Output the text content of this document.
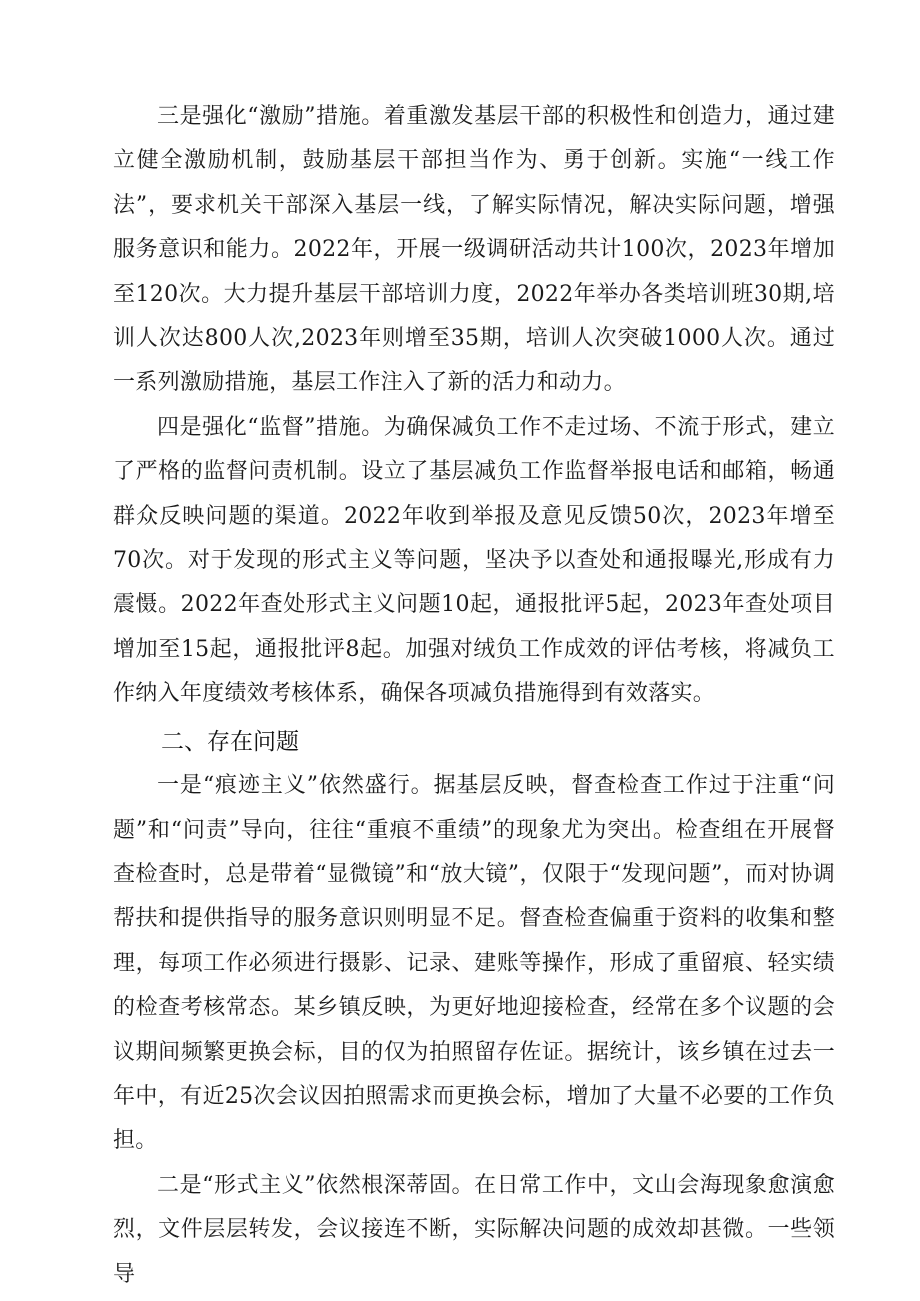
三是强化“激励”措施。着重激发基层干部的积极性和创造力，通过建立健全激励机制，鼓励基层干部担当作为、勇于创新。实施“一线工作法”，要求机关干部深入基层一线，了解实际情况，解决实际问题，增强服务意识和能力。2022年，开展一级调研活动共计100次，2023年增加至120次。大力提升基层干部培训力度，2022年举办各类培训班30期,培训人次达800人次,2023年则增至35期，培训人次突破1000人次。通过一系列激励措施，基层工作注入了新的活力和动力。

四是强化“监督”措施。为确保减负工作不走过场、不流于形式，建立了严格的监督问责机制。设立了基层减负工作监督举报电话和邮箱，畅通群众反映问题的渠道。2022年收到举报及意见反馈50次，2023年增至70次。对于发现的形式主义等问题，坚决予以查处和通报曝光,形成有力震慑。2022年查处形式主义问题10起，通报批评5起，2023年查处项目增加至15起，通报批评8起。加强对绒负工作成效的评估考核，将减负工作纳入年度绩效考核体系，确保各项减负措施得到有效落实。

二、存在问题

一是“痕迹主义”依然盛行。据基层反映，督查检查工作过于注重“问题”和“问责”导向，往往“重痕不重绩”的现象尤为突出。检查组在开展督查检查时，总是带着“显微镜”和“放大镜”，仅限于“发现问题”，而对协调帮扶和提供指导的服务意识则明显不足。督查检查偏重于资料的收集和整理，每项工作必须进行摄影、记录、建账等操作，形成了重留痕、轻实绩的检查考核常态。某乡镇反映，为更好地迎接检查，经常在多个议题的会议期间频繁更换会标，目的仅为拍照留存佐证。据统计，该乡镇在过去一年中，有近25次会议因拍照需求而更换会标，增加了大量不必要的工作负担。

二是“形式主义”依然根深蒂固。在日常工作中，文山会海现象愈演愈烈，文件层层转发，会议接连不断，实际解决问题的成效却甚微。一些领导
